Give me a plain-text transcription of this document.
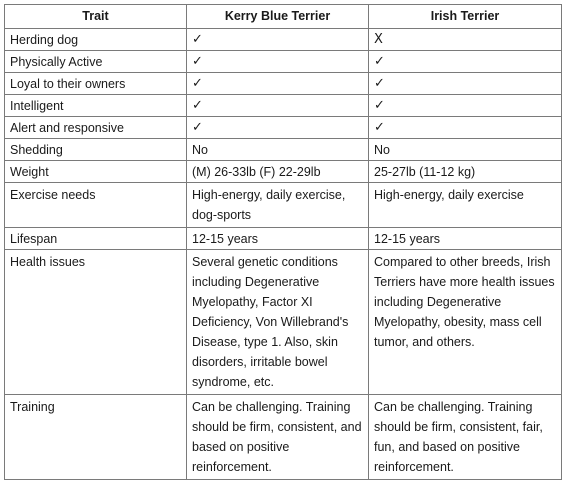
Trait	Kerry Blue Terrier	Irish Terrier
Herding dog	✓	X
Physically Active	✓	✓
Loyal to their owners	✓	✓
Intelligent	✓	✓
Alert and responsive	✓	✓
Shedding	No	No
Weight	(M) 26-33lb (F) 22-29lb	25-27lb (11-12 kg)
Exercise needs	High-energy, daily exercise, dog-sports	High-energy, daily exercise
Lifespan	12-15 years	12-15 years
Health issues	Several genetic conditions including Degenerative Myelopathy, Factor XI Deficiency, Von Willebrand's Disease, type 1. Also, skin disorders, irritable bowel syndrome, etc.	Compared to other breeds, Irish Terriers have more health issues including Degenerative Myelopathy, obesity, mass cell tumor, and others.
Training	Can be challenging. Training should be firm, consistent, and based on positive reinforcement.	Can be challenging. Training should be firm, consistent, fair, fun, and based on positive reinforcement.
